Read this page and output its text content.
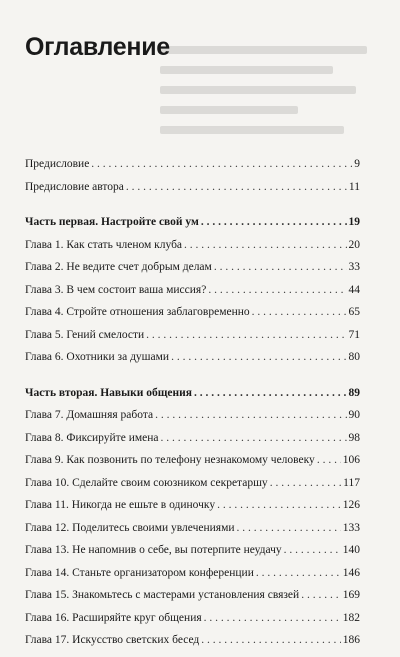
Оглавление
Предисловие . . .	9
Предисловие автора . . .	11
Часть первая. Настройте свой ум . . .	19
Глава 1. Как стать членом клуба . . .	20
Глава 2. Не ведите счет добрым делам . . .	33
Глава 3. В чем состоит ваша миссия? . . .	44
Глава 4. Стройте отношения заблаговременно . . .	65
Глава 5. Гений смелости . . .	71
Глава 6. Охотники за душами . . .	80
Часть вторая. Навыки общения . . .	89
Глава 7. Домашняя работа . . .	90
Глава 8. Фиксируйте имена . . .	98
Глава 9. Как позвонить по телефону незнакомому человеку . . . 106
Глава 10. Сделайте своим союзником секретаршу . . .	117
Глава 11. Никогда не ешьте в одиночку . . .	126
Глава 12. Поделитесь своими увлечениями . . .	133
Глава 13. Не напомнив о себе, вы потерпите неудачу . . .	140
Глава 14. Станьте организатором конференции . . .	146
Глава 15. Знакомьтесь с мастерами установления связей . . .	169
Глава 16. Расширяйте круг общения . . .	182
Глава 17. Искусство светских бесед . . .	186
